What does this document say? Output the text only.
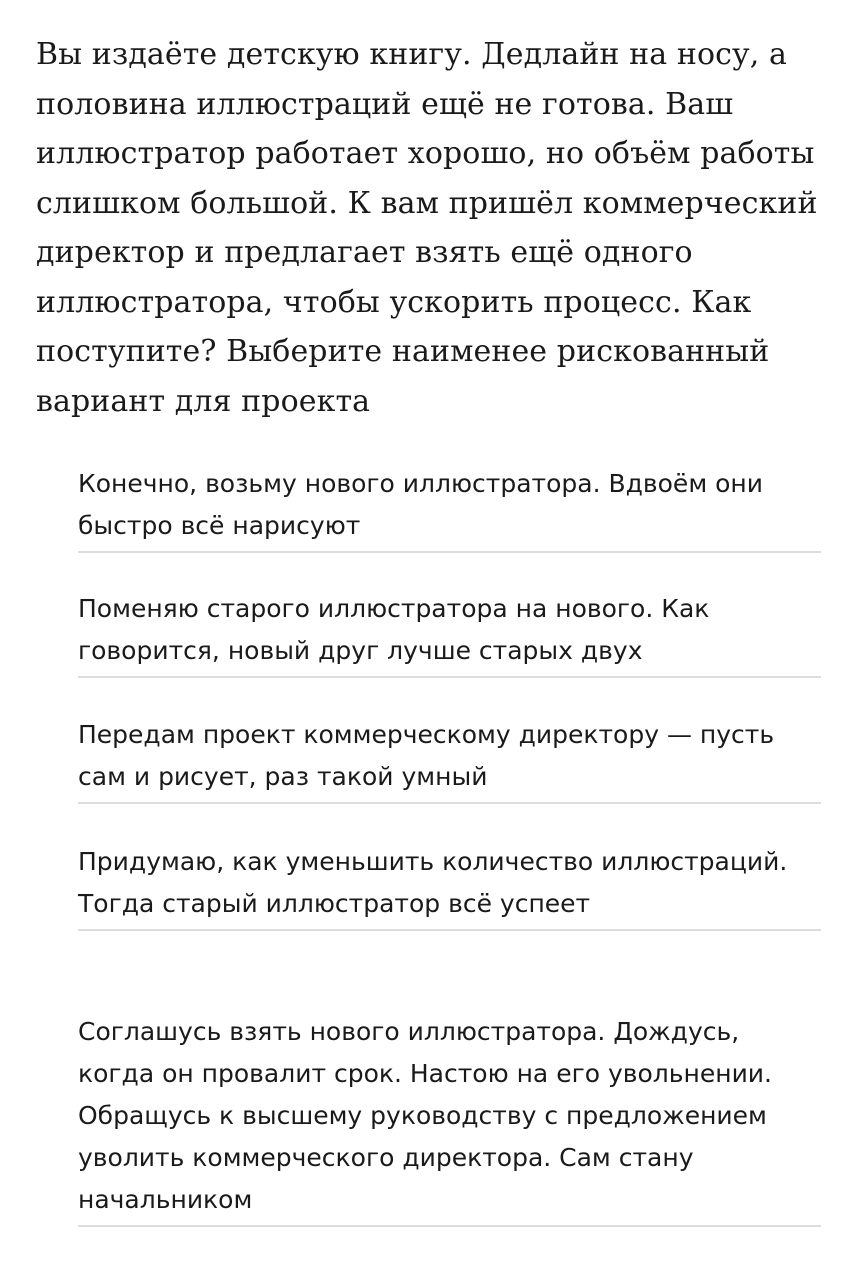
Вы издаёте детскую книгу. Дедлайн на носу, а половина иллюстраций ещё не готова. Ваш иллюстратор работает хорошо, но объём работы слишком большой. К вам пришёл коммерческий директор и предлагает взять ещё одного иллюстратора, чтобы ускорить процесс. Как поступите? Выберите наименее рискованный вариант для проекта

Конечно, возьму нового иллюстратора. Вдвоём они быстро всё нарисуют
Поменяю старого иллюстратора на нового. Как говорится, новый друг лучше старых двух
Передам проект коммерческому директору — пусть сам и рисует, раз такой умный
Придумаю, как уменьшить количество иллюстраций. Тогда старый иллюстратор всё успеет
Соглашусь взять нового иллюстратора. Дождусь, когда он провалит срок. Настою на его увольнении. Обращусь к высшему руководству с предложением уволить коммерческого директора. Сам стану начальником
